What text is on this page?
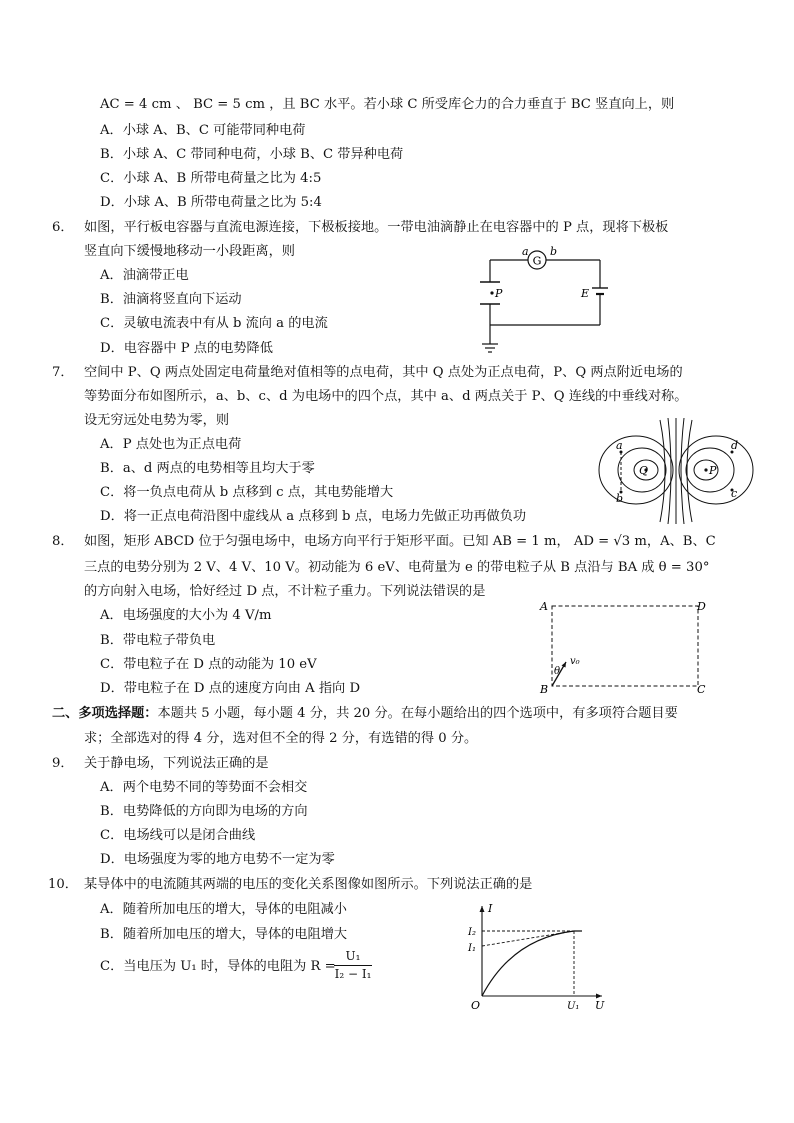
AC = 4 cm 、 BC = 5 cm ，且 BC 水平。若小球 C 所受库仑力的合力垂直于 BC 竖直向上，则
A．小球 A、B、C 可能带同种电荷
B．小球 A、C 带同种电荷，小球 B、C 带异种电荷
C．小球 A、B 所带电荷量之比为 4:5
D．小球 A、B 所带电荷量之比为 5:4
6． 如图，平行板电容器与直流电源连接，下极板接地。一带电油滴静止在电容器中的 P 点，现将下极板
竖直向下缓慢地移动一小段距离，则
A．油滴带正电
B．油滴将竖直向下运动
C．灵敏电流表中有从 b 流向 a 的电流
D．电容器中 P 点的电势降低
G
a b
E
P
7． 空间中 P、Q 两点处固定电荷量绝对值相等的点电荷，其中 Q 点处为正点电荷，P、Q 两点附近电场的
等势面分布如图所示，a、b、c、d 为电场中的四个点，其中 a、d 两点关于 P、Q 连线的中垂线对称。
设无穷远处电势为零，则
A．P 点处也为正点电荷
B．a、d 两点的电势相等且均大于零
C．将一负点电荷从 b 点移到 c 点，其电势能增大
D．将一正点电荷沿图中虚线从 a 点移到 b 点，电场力先做正功再做负功
Q	P
a
b	c
d
8． 如图，矩形 ABCD 位于匀强电场中，电场方向平行于矩形平面。已知 AB = 1 m， AD = √3 m，A、B、C
三点的电势分别为 2 V、4 V、10 V。初动能为 6 eV、电荷量为 e 的带电粒子从 B 点沿与 BA 成 θ = 30°
的方向射入电场，恰好经过 D 点，不计粒子重力。下列说法错误的是
A．电场强度的大小为 4 V/m
B．带电粒子带负电
C．带电粒子在 D 点的动能为 10 eV
D．带电粒子在 D 点的速度方向由 A 指向 D
A
B	C
D
θ
v₀
二、多项选择题：本题共 5 小题，每小题 4 分，共 20 分。在每小题给出的四个选项中，有多项符合题目要
求；全部选对的得 4 分，选对但不全的得 2 分，有选错的得 0 分。
9． 关于静电场，下列说法正确的是
A．两个电势不同的等势面不会相交
B．电势降低的方向即为电场的方向
C．电场线可以是闭合曲线
D．电场强度为零的地方电势不一定为零
10． 某导体中的电流随其两端的电压的变化关系图像如图所示。下列说法正确的是
A．随着所加电压的增大，导体的电阻减小
B．随着所加电压的增大，导体的电阻增大
C．当电压为 U₁ 时，导体的电阻为 R =
$\frac{\text{U₁}}{\text{I₂ − I₁}}$
I
I₂
I₁
O	U₁ U
